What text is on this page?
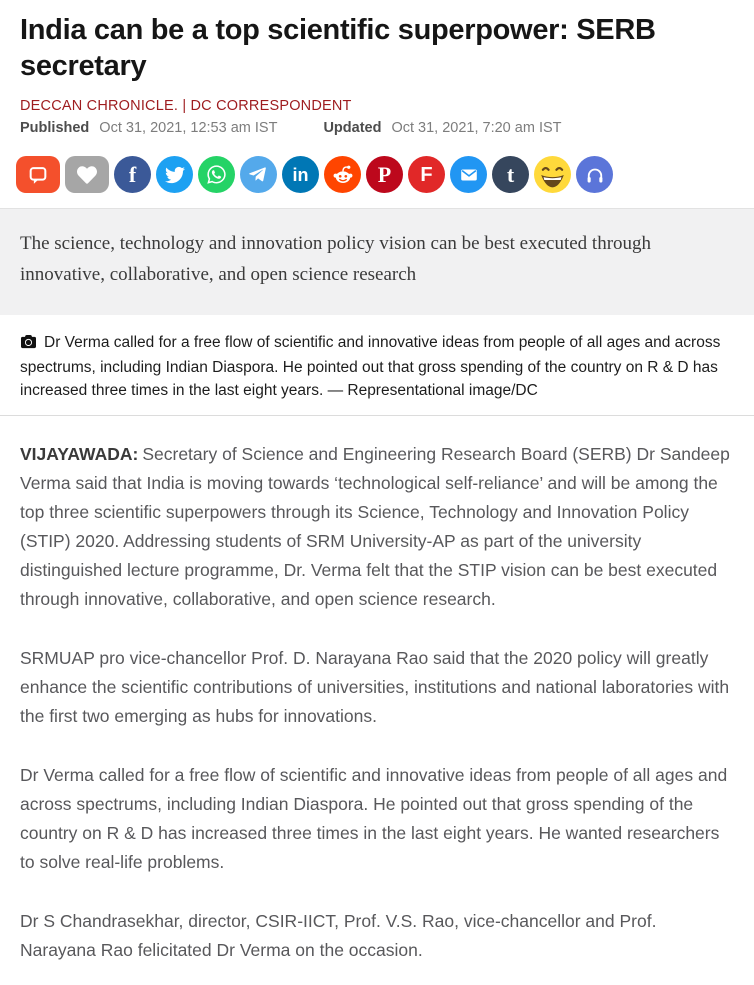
India can be a top scientific superpower: SERB secretary
DECCAN CHRONICLE. | DC CORRESPONDENT
Published Oct 31, 2021, 12:53 am IST	Updated Oct 31, 2021, 7:20 am IST
f	in	P F	t
The science, technology and innovation policy vision can be best executed through innovative, collaborative, and open science research
Dr Verma called for a free flow of scientific and innovative ideas from people of all ages and across spectrums, including Indian Diaspora. He pointed out that gross spending of the country on R & D has increased three times in the last eight years. — Representational image/DC

VIJAYAWADA: Secretary of Science and Engineering Research Board (SERB) Dr Sandeep Verma said that India is moving towards ‘technological self-reliance’ and will be among the top three scientific superpowers through its Science, Technology and Innovation Policy (STIP) 2020. Addressing students of SRM University-AP as part of the university distinguished lecture programme, Dr. Verma felt that the STIP vision can be best executed through innovative, collaborative, and open science research.

SRMUAP pro vice-chancellor Prof. D. Narayana Rao said that the 2020 policy will greatly enhance the scientific contributions of universities, institutions and national laboratories with the first two emerging as hubs for innovations.

Dr Verma called for a free flow of scientific and innovative ideas from people of all ages and across spectrums, including Indian Diaspora. He pointed out that gross spending of the country on R & D has increased three times in the last eight years. He wanted researchers to solve real-life problems.

Dr S Chandrasekhar, director, CSIR-IICT, Prof. V.S. Rao, vice-chancellor and Prof. Narayana Rao felicitated Dr Verma on the occasion.
